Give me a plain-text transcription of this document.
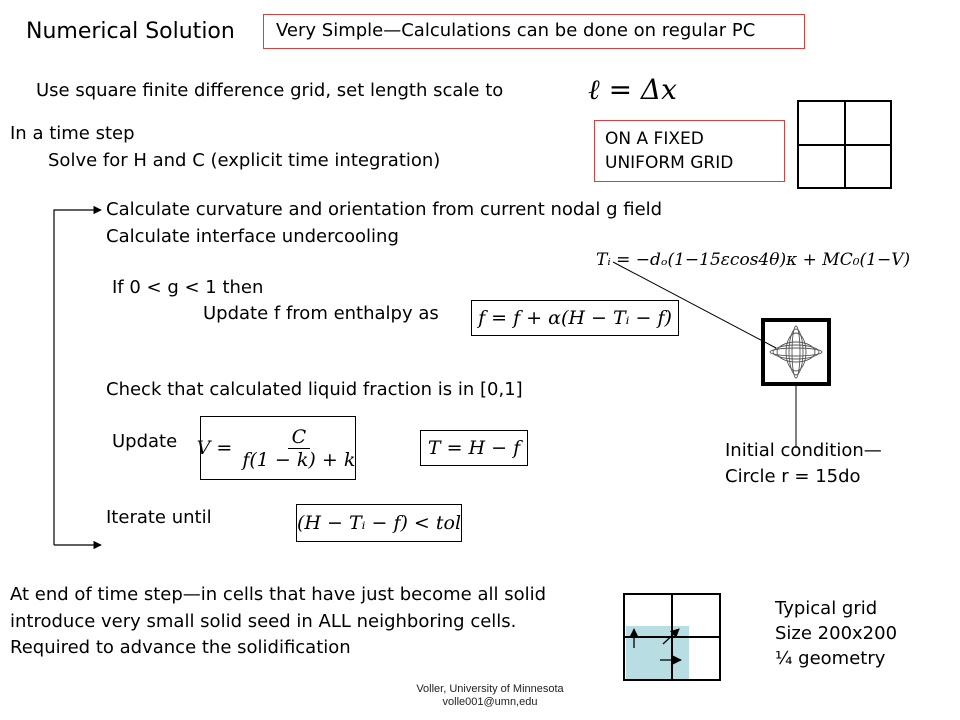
Numerical Solution Very Simple—Calculations can be done on regular PC
Use square finite difference grid, set length scale to	ℓ = Δx
In a time step
Solve for H and C (explicit time integration)
ON A FIXED
UNIFORM GRID
Calculate curvature and orientation from current nodal g field
Calculate interface undercooling
Tᵢ = −dₒ(1−15εcos4θ)κ + MC₀(1−V)
If 0 < g < 1 then
Update f from enthalpy as	f = f + α(H − Tᵢ − f)
Check that calculated liquid fraction is in [0,1]
Update $V = \frac{C}{f(1 - k) + k}$	T = H − f
Iterate until	(H − Tᵢ − f) < tol
Initial condition—
Circle r = 15do
At end of time step—in cells that have just become all solid
introduce very small solid seed in ALL neighboring cells.
Required to advance the solidification
Typical grid
Size 200x200
¼ geometry
Voller, University of Minnesota
volle001@umn,edu
